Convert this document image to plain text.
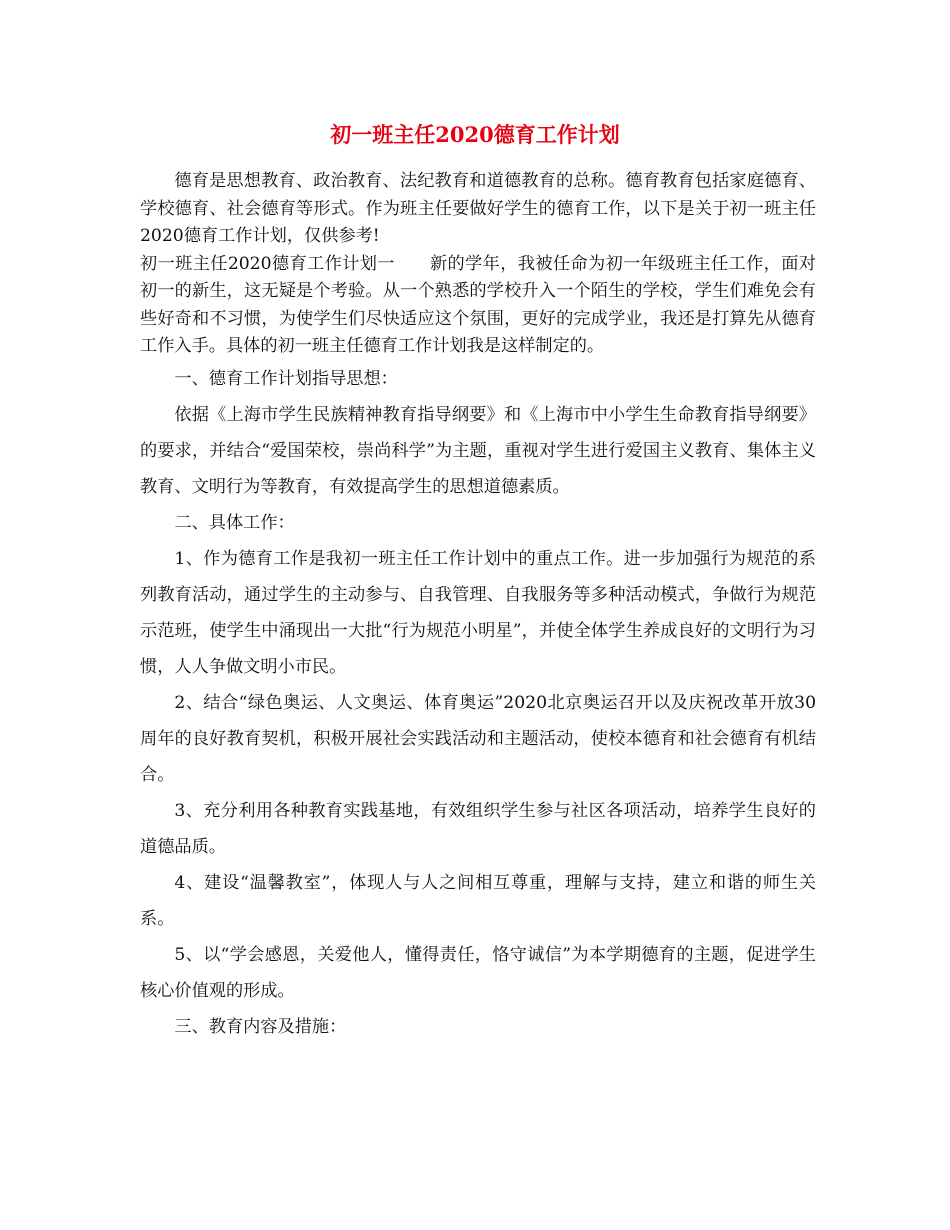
初一班主任2020德育工作计划

德育是思想教育、政治教育、法纪教育和道德教育的总称。德育教育包括家庭德育、学校德育、社会德育等形式。作为班主任要做好学生的德育工作，以下是关于初一班主任2020德育工作计划，仅供参考!

初一班主任2020德育工作计划一　　新的学年，我被任命为初一年级班主任工作，面对初一的新生，这无疑是个考验。从一个熟悉的学校升入一个陌生的学校，学生们难免会有些好奇和不习惯，为使学生们尽快适应这个氛围，更好的完成学业，我还是打算先从德育工作入手。具体的初一班主任德育工作计划我是这样制定的。

一、德育工作计划指导思想：

依据《上海市学生民族精神教育指导纲要》和《上海市中小学生生命教育指导纲要》的要求，并结合“爱国荣校，崇尚科学”为主题，重视对学生进行爱国主义教育、集体主义教育、文明行为等教育，有效提高学生的思想道德素质。

二、具体工作：

1、作为德育工作是我初一班主任工作计划中的重点工作。进一步加强行为规范的系列教育活动，通过学生的主动参与、自我管理、自我服务等多种活动模式，争做行为规范示范班，使学生中涌现出一大批“行为规范小明星”，并使全体学生养成良好的文明行为习惯，人人争做文明小市民。

2、结合“绿色奥运、人文奥运、体育奥运”2020北京奥运召开以及庆祝改革开放30周年的良好教育契机，积极开展社会实践活动和主题活动，使校本德育和社会德育有机结合。

3、充分利用各种教育实践基地，有效组织学生参与社区各项活动，培养学生良好的道德品质。

4、建设“温馨教室”，体现人与人之间相互尊重，理解与支持，建立和谐的师生关系。

5、以“学会感恩，关爱他人，懂得责任，恪守诚信”为本学期德育的主题，促进学生核心价值观的形成。

三、教育内容及措施：
